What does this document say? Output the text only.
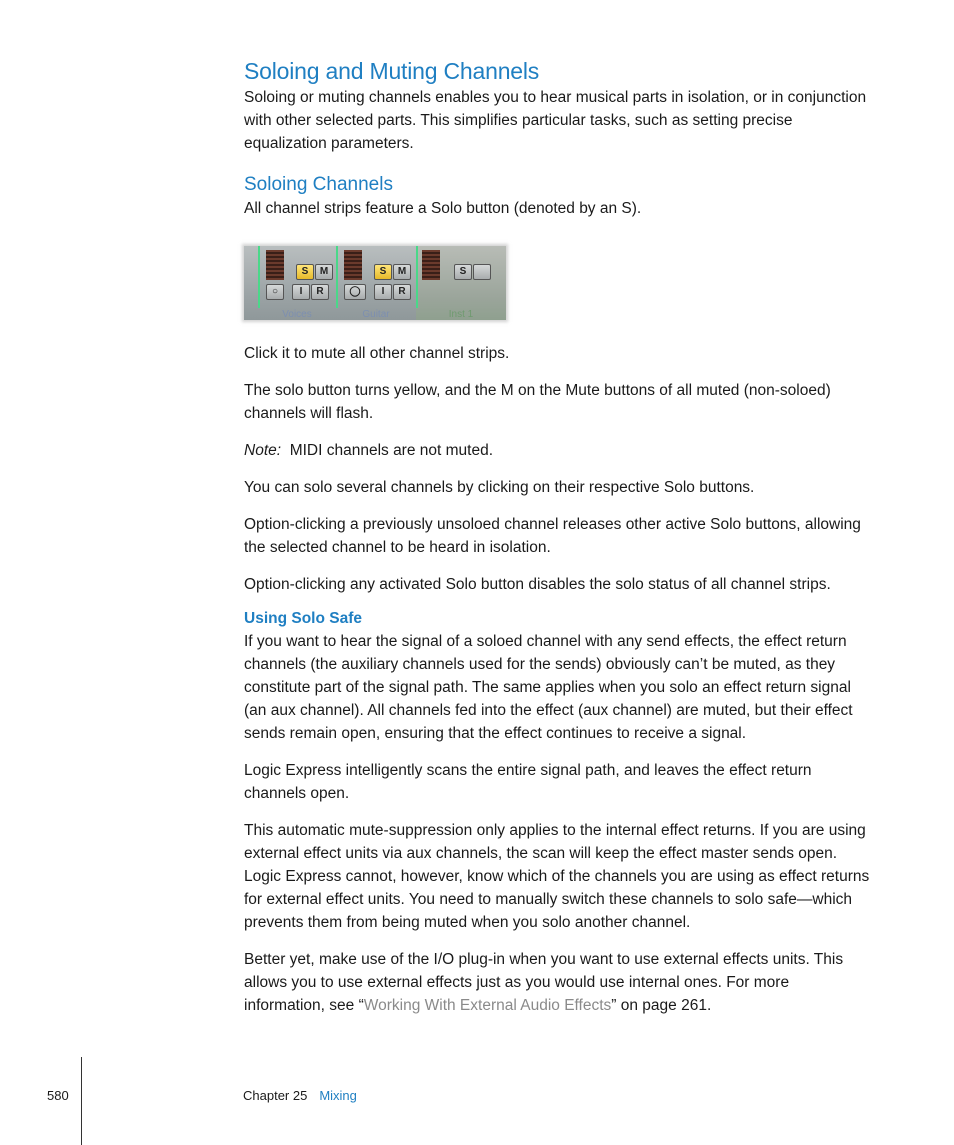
Soloing and Muting Channels

Soloing or muting channels enables you to hear musical parts in isolation, or in conjunction with other selected parts. This simplifies particular tasks, such as setting precise equalization parameters.

Soloing Channels

All channel strips feature a Solo button (denoted by an S).

S	M	S	M	S
○	I	R	◯	I	R
Voices	Guitar	Inst 1

Click it to mute all other channel strips.

The solo button turns yellow, and the M on the Mute buttons of all muted (non-soloed) channels will flash.

Note: MIDI channels are not muted.

You can solo several channels by clicking on their respective Solo buttons.

Option-clicking a previously unsoloed channel releases other active Solo buttons, allowing the selected channel to be heard in isolation.

Option-clicking any activated Solo button disables the solo status of all channel strips.

Using Solo Safe

If you want to hear the signal of a soloed channel with any send effects, the effect return channels (the auxiliary channels used for the sends) obviously can’t be muted, as they constitute part of the signal path. The same applies when you solo an effect return signal (an aux channel). All channels fed into the effect (aux channel) are muted, but their effect sends remain open, ensuring that the effect continues to receive a signal.

Logic Express intelligently scans the entire signal path, and leaves the effect return channels open.

This automatic mute-suppression only applies to the internal effect returns. If you are using external effect units via aux channels, the scan will keep the effect master sends open. Logic Express cannot, however, know which of the channels you are using as effect returns for external effect units. You need to manually switch these channels to solo safe—which prevents them from being muted when you solo another channel.

Better yet, make use of the I/O plug-in when you want to use external effects units. This allows you to use external effects just as you would use internal ones. For more information, see “Working With External Audio Effects” on page 261.

580	Chapter 25 Mixing
